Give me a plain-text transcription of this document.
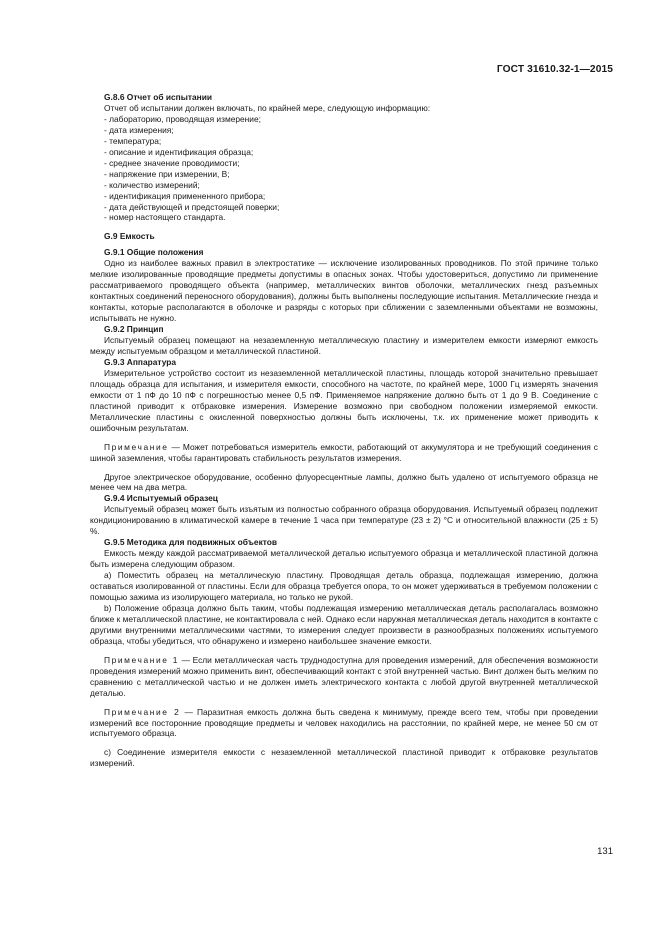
ГОСТ 31610.32-1—2015

G.8.6 Отчет об испытании

Отчет об испытании должен включать, по крайней мере, следующую информацию:

- лабораторию, проводящая измерение;
- дата измерения;
- температура;
- описание и идентификация образца;
- среднее значение проводимости;
- напряжение при измерении, В;
- количество измерений;
- идентификация примененного прибора;
- дата действующей и предстоящей поверки;
- номер настоящего стандарта.

G.9 Емкость

G.9.1 Общие положения

Одно из наиболее важных правил в электростатике — исключение изолированных проводников. По этой причине только мелкие изолированные проводящие предметы допустимы в опасных зонах. Чтобы удостовериться, допустимо ли применение рассматриваемого проводящего объекта (например, металлических винтов оболочки, металлических гнезд разъемных контактных соединений переносного оборудования), должны быть выполнены последующие испытания. Металлические гнезда и контакты, которые располагаются в оболочке и разряды с которых при сближении с заземленными объектами не возможны, испытывать не нужно.

G.9.2 Принцип

Испытуемый образец помещают на незаземленную металлическую пластину и измерителем емкости измеряют емкость между испытуемым образцом и металлической пластиной.

G.9.3 Аппаратура

Измерительное устройство состоит из незаземленной металлической пластины, площадь которой значительно превышает площадь образца для испытания, и измерителя емкости, способного на частоте, по крайней мере, 1000 Гц измерять значения емкости от 1 пФ до 10 пФ с погрешностью менее 0,5 пФ. Применяемое напряжение должно быть от 1 до 9 В. Соединение с пластиной приводит к отбраковке измерения. Измерение возможно при свободном положении измеряемой емкости. Металлические пластины с окисленной поверхностью должны быть исключены, т.к. их применение может приводить к ошибочным результатам.

Примечание — Может потребоваться измеритель емкости, работающий от аккумулятора и не требующий соединения с шиной заземления, чтобы гарантировать стабильность результатов измерения.

Другое электрическое оборудование, особенно флуоресцентные лампы, должно быть удалено от испытуемого образца не менее чем на два метра.

G.9.4 Испытуемый образец

Испытуемый образец может быть изъятым из полностью собранного образца оборудования. Испытуемый образец подлежит кондиционированию в климатической камере в течение 1 часа при температуре (23 ± 2) °С и относительной влажности (25 ± 5) %.

G.9.5 Методика для подвижных объектов

Емкость между каждой рассматриваемой металлической деталью испытуемого образца и металлической пластиной должна быть измерена следующим образом.

а) Поместить образец на металлическую пластину. Проводящая деталь образца, подлежащая измерению, должна оставаться изолированной от пластины. Если для образца требуется опора, то он может удерживаться в требуемом положении с помощью зажима из изолирующего материала, но только не рукой.

b) Положение образца должно быть таким, чтобы подлежащая измерению металлическая деталь располагалась возможно ближе к металлической пластине, не контактировала с ней. Однако если наружная металлическая деталь находится в контакте с другими внутренними металлическими частями, то измерения следует произвести в разнообразных положениях испытуемого образца, чтобы убедиться, что обнаружено и измерено наибольшее значение емкости.

Примечание 1 — Если металлическая часть труднодоступна для проведения измерений, для обеспечения возможности проведения измерений можно применить винт, обеспечивающий контакт с этой внутренней частью. Винт должен быть мелким по сравнению с металлической частью и не должен иметь электрического контакта с любой другой внутренней металлической деталью.

Примечание 2 — Паразитная емкость должна быть сведена к минимуму, прежде всего тем, чтобы при проведении измерений все посторонние проводящие предметы и человек находились на расстоянии, по крайней мере, не менее 50 см от испытуемого образца.

с) Соединение измерителя емкости с незаземленной металлической пластиной приводит к отбраковке результатов измерений.

131
